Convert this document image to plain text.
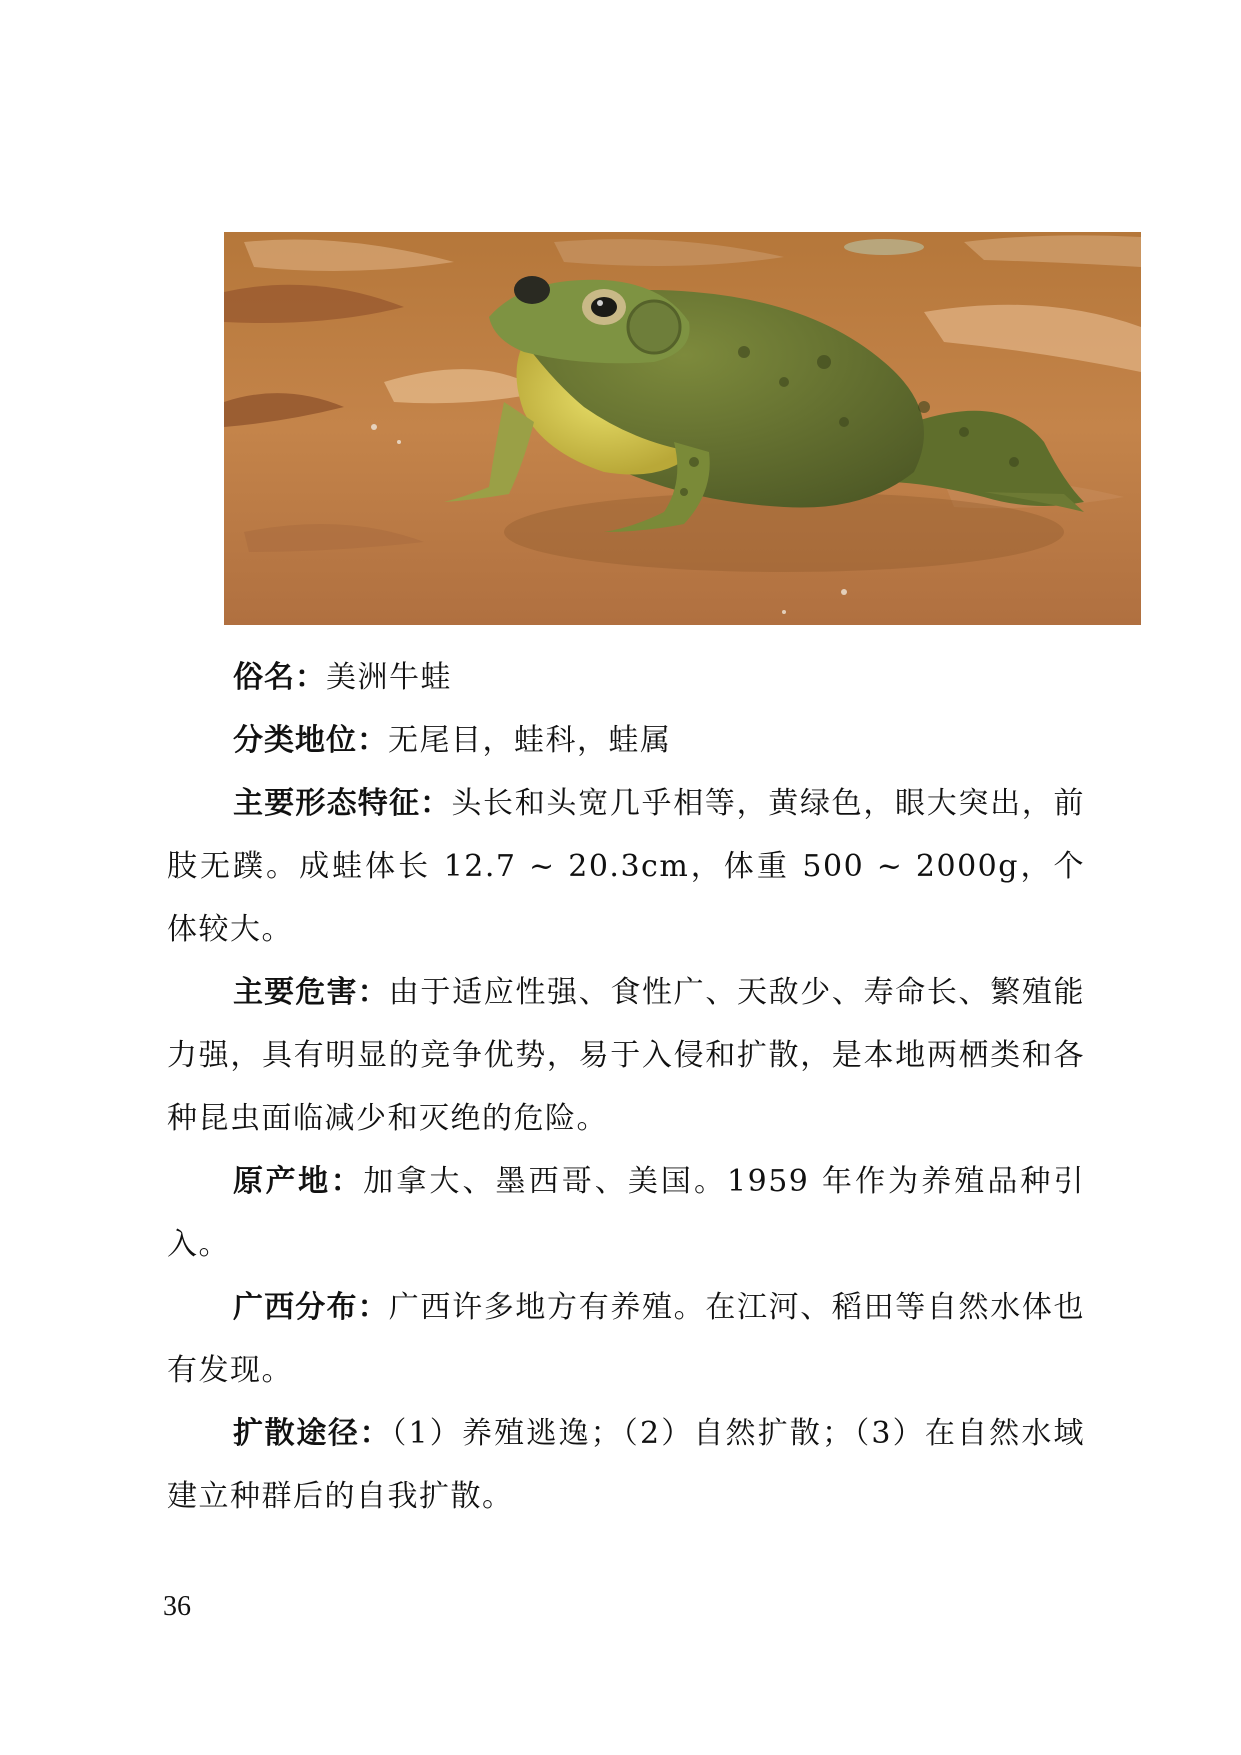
俗名：美洲牛蛙

分类地位：无尾目，蛙科，蛙属

主要形态特征：头长和头宽几乎相等，黄绿色，眼大突出，前肢无蹼。成蛙体长 12.7 ~ 20.3cm，体重 500 ~ 2000g，个体较大。

主要危害：由于适应性强、食性广、天敌少、寿命长、繁殖能力强，具有明显的竞争优势，易于入侵和扩散，是本地两栖类和各种昆虫面临减少和灭绝的危险。

原产地：加拿大、墨西哥、美国。1959 年作为养殖品种引入。

广西分布：广西许多地方有养殖。在江河、稻田等自然水体也有发现。

扩散途径：（1）养殖逃逸；（2）自然扩散；（3）在自然水域建立种群后的自我扩散。

36
